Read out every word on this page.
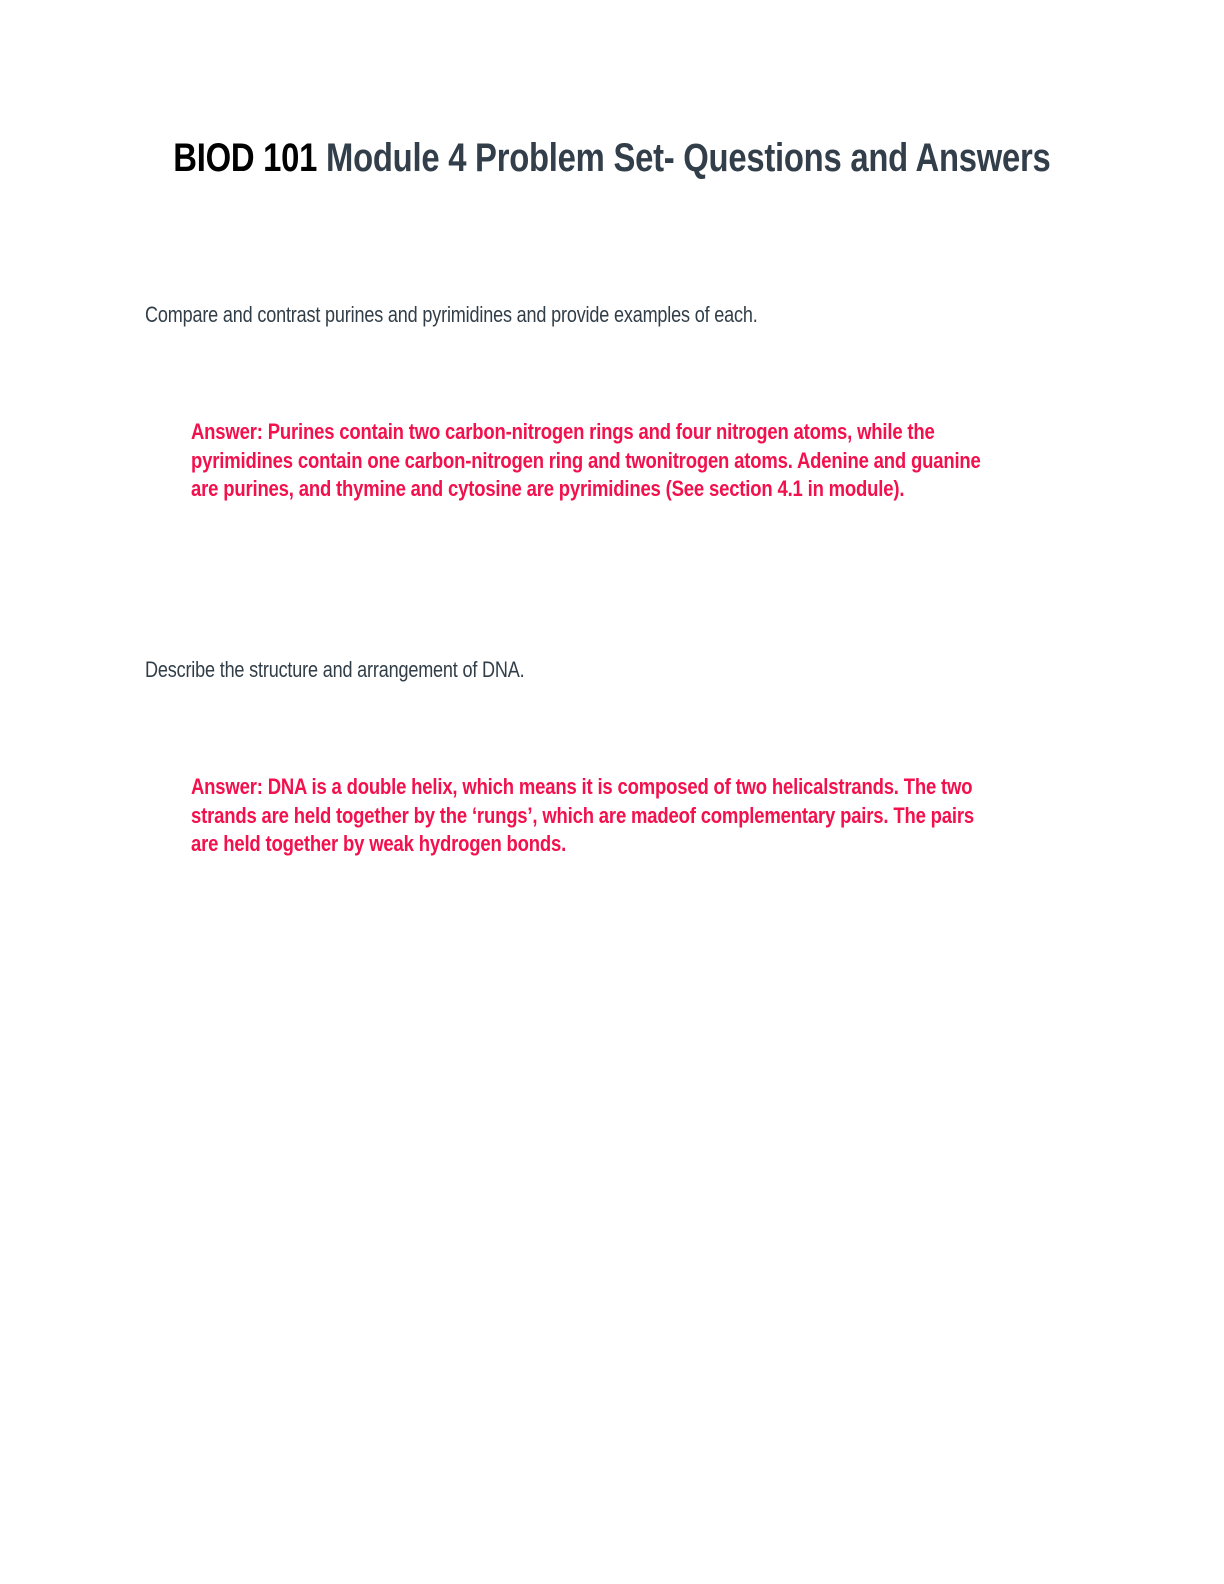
BIOD 101 Module 4 Problem Set- Questions and Answers

Compare and contrast purines and pyrimidines and provide examples of each.

Answer: Purines contain two carbon-nitrogen rings and four nitrogen atoms, while the
pyrimidines contain one carbon-nitrogen ring and twonitrogen atoms. Adenine and guanine
are purines, and thymine and cytosine are pyrimidines (See section 4.1 in module).

Describe the structure and arrangement of DNA.

Answer: DNA is a double helix, which means it is composed of two helicalstrands. The two
strands are held together by the ‘rungs’, which are madeof complementary pairs. The pairs
are held together by weak hydrogen bonds.
